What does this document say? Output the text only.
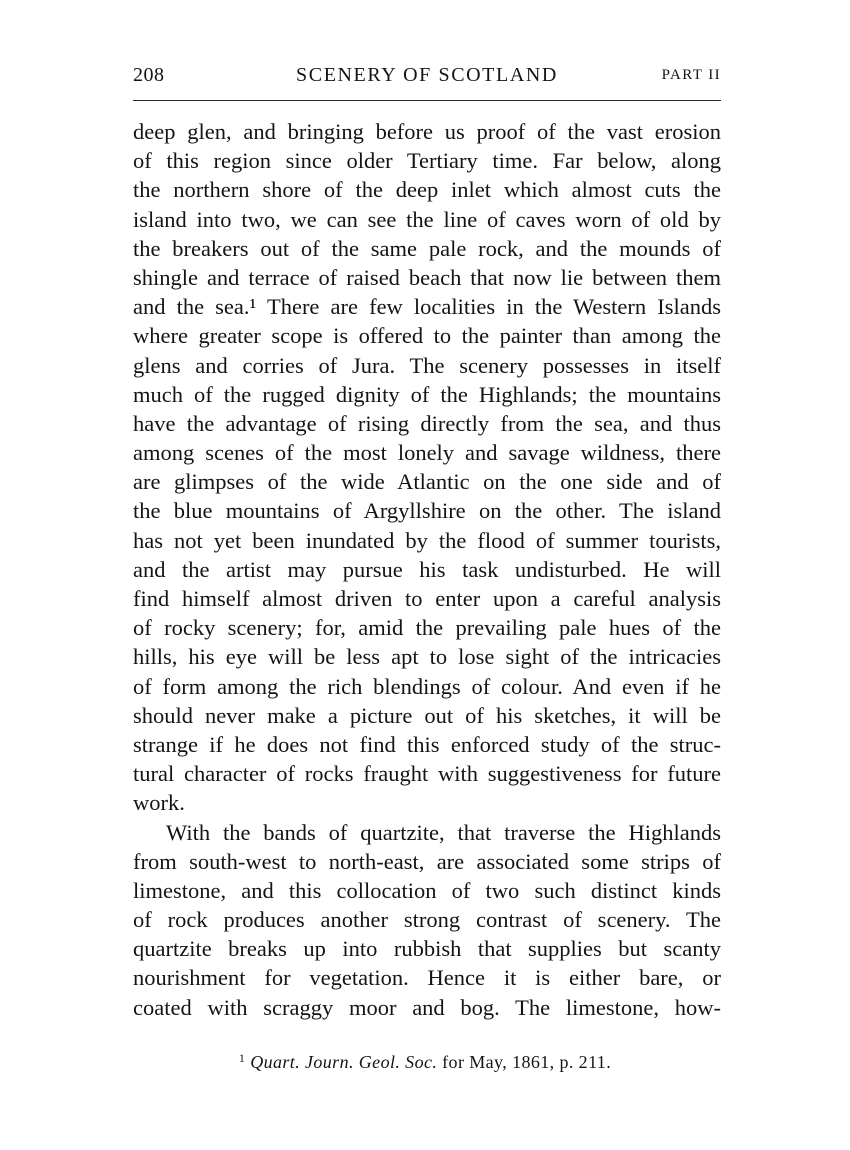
208	SCENERY OF SCOTLAND	PART II
deep glen, and bringing before us proof of the vast erosion
of this region since older Tertiary time. Far below, along
the northern shore of the deep inlet which almost cuts the
island into two, we can see the line of caves worn of old by
the breakers out of the same pale rock, and the mounds of
shingle and terrace of raised beach that now lie between them
and the sea.¹ There are few localities in the Western Islands
where greater scope is offered to the painter than among the
glens and corries of Jura. The scenery possesses in itself
much of the rugged dignity of the Highlands; the mountains
have the advantage of rising directly from the sea, and thus
among scenes of the most lonely and savage wildness, there
are glimpses of the wide Atlantic on the one side and of
the blue mountains of Argyllshire on the other. The island
has not yet been inundated by the flood of summer tourists,
and the artist may pursue his task undisturbed. He will
find himself almost driven to enter upon a careful analysis
of rocky scenery; for, amid the prevailing pale hues of the
hills, his eye will be less apt to lose sight of the intricacies
of form among the rich blendings of colour. And even if he
should never make a picture out of his sketches, it will be
strange if he does not find this enforced study of the struc-
tural character of rocks fraught with suggestiveness for future
work.
With the bands of quartzite, that traverse the Highlands
from south-west to north-east, are associated some strips of
limestone, and this collocation of two such distinct kinds
of rock produces another strong contrast of scenery. The
quartzite breaks up into rubbish that supplies but scanty
nourishment for vegetation. Hence it is either bare, or
coated with scraggy moor and bog. The limestone, how-
$^1$ Quart. Journ. Geol. Soc. for May, 1861, p. 211.
